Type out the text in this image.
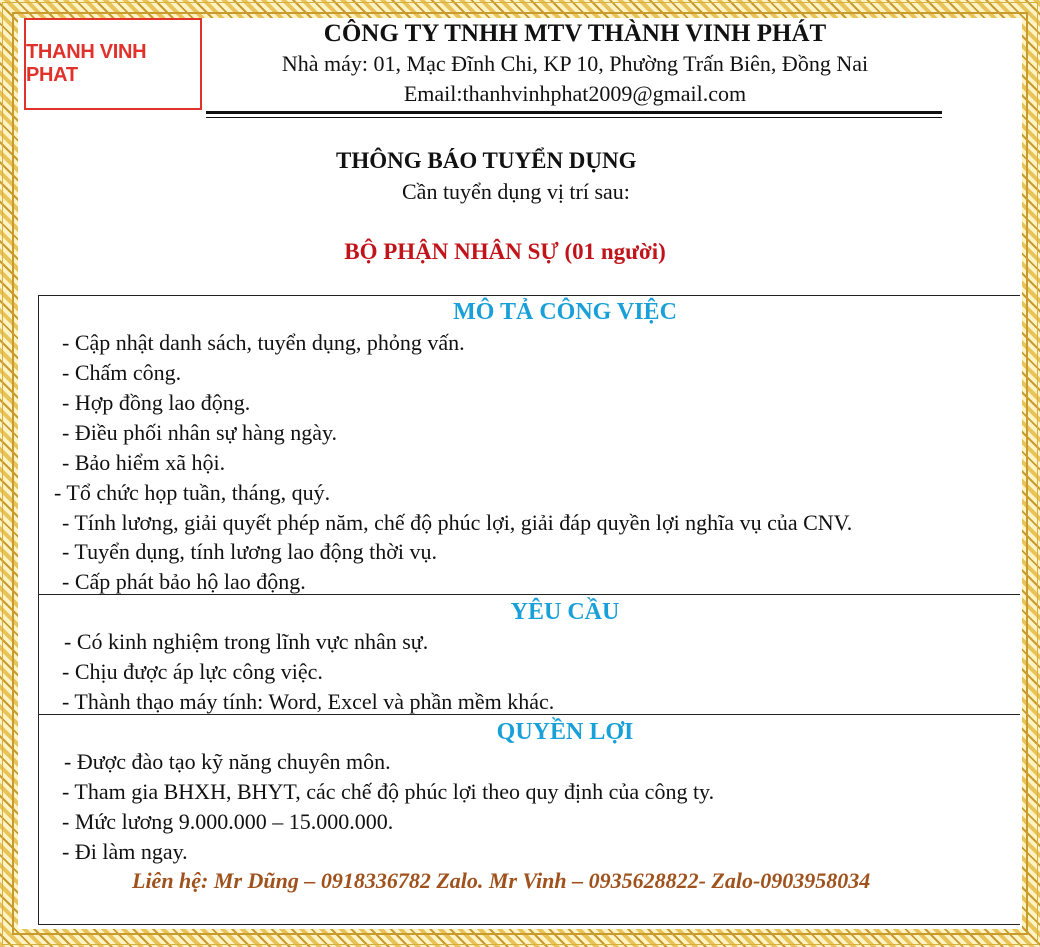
THANH VINH PHAT
CÔNG TY TNHH MTV THÀNH VINH PHÁT
Nhà máy: 01, Mạc Đĩnh Chi, KP 10, Phường Trấn Biên, Đồng Nai
Email:thanhvinhphat2009@gmail.com
THÔNG BÁO TUYỂN DỤNG
Cần tuyển dụng vị trí sau:
BỘ PHẬN NHÂN SỰ (01 người)
MÔ TẢ CÔNG VIỆC
- Cập nhật danh sách, tuyển dụng, phỏng vấn.
- Chấm công.
- Hợp đồng lao động.
- Điều phối nhân sự hàng ngày.
- Bảo hiểm xã hội.
- Tổ chức họp tuần, tháng, quý.
- Tính lương, giải quyết phép năm, chế độ phúc lợi, giải đáp quyền lợi nghĩa vụ của CNV.
- Tuyển dụng, tính lương lao động thời vụ.
- Cấp phát bảo hộ lao động.
YÊU CẦU
- Có kinh nghiệm trong lĩnh vực nhân sự.
- Chịu được áp lực công việc.
- Thành thạo máy tính: Word, Excel và phần mềm khác.
QUYỀN LỢI
- Được đào tạo kỹ năng chuyên môn.
- Tham gia BHXH, BHYT, các chế độ phúc lợi theo quy định của công ty.
- Mức lương 9.000.000 – 15.000.000.
- Đi làm ngay.
Liên hệ: Mr Dũng – 0918336782 Zalo. Mr Vinh – 0935628822- Zalo-0903958034
